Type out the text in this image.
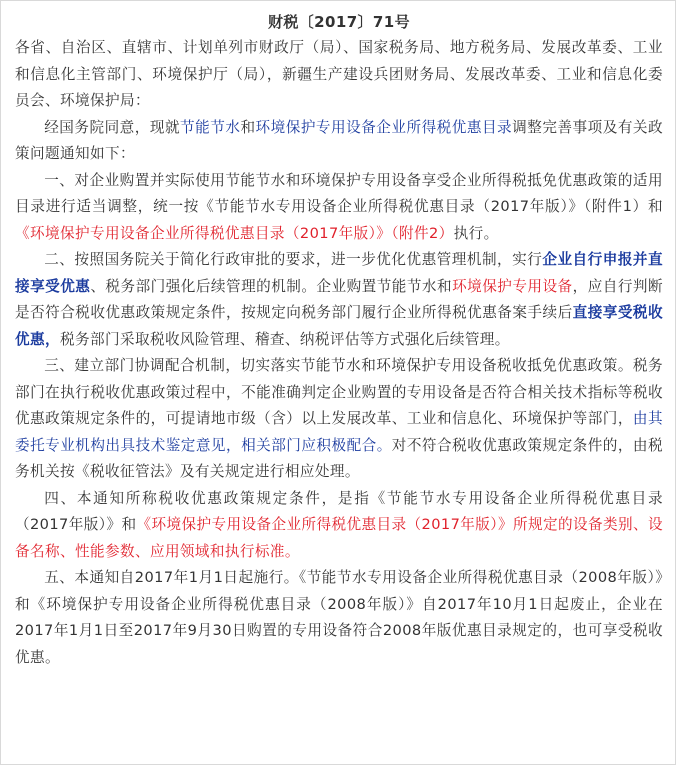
财税〔2017〕71号

各省、自治区、直辖市、计划单列市财政厅（局）、国家税务局、地方税务局、发展改革委、工业和信息化主管部门、环境保护厅（局），新疆生产建设兵团财务局、发展改革委、工业和信息化委员会、环境保护局：

经国务院同意，现就节能节水和环境保护专用设备企业所得税优惠目录调整完善事项及有关政策问题通知如下：

一、对企业购置并实际使用节能节水和环境保护专用设备享受企业所得税抵免优惠政策的适用目录进行适当调整，统一按《节能节水专用设备企业所得税优惠目录（2017年版）》（附件1）和《环境保护专用设备企业所得税优惠目录（2017年版）》（附件2）执行。

二、按照国务院关于简化行政审批的要求，进一步优化优惠管理机制，实行企业自行申报并直接享受优惠、税务部门强化后续管理的机制。企业购置节能节水和环境保护专用设备，应自行判断是否符合税收优惠政策规定条件，按规定向税务部门履行企业所得税优惠备案手续后直接享受税收优惠，税务部门采取税收风险管理、稽查、纳税评估等方式强化后续管理。

三、建立部门协调配合机制，切实落实节能节水和环境保护专用设备税收抵免优惠政策。税务部门在执行税收优惠政策过程中，不能准确判定企业购置的专用设备是否符合相关技术指标等税收优惠政策规定条件的，可提请地市级（含）以上发展改革、工业和信息化、环境保护等部门，由其委托专业机构出具技术鉴定意见，相关部门应积极配合。对不符合税收优惠政策规定条件的，由税务机关按《税收征管法》及有关规定进行相应处理。

四、本通知所称税收优惠政策规定条件，是指《节能节水专用设备企业所得税优惠目录（2017年版）》和《环境保护专用设备企业所得税优惠目录（2017年版）》所规定的设备类别、设备名称、性能参数、应用领域和执行标准。

五、本通知自2017年1月1日起施行。《节能节水专用设备企业所得税优惠目录（2008年版）》和《环境保护专用设备企业所得税优惠目录（2008年版）》自2017年10月1日起废止，企业在2017年1月1日至2017年9月30日购置的专用设备符合2008年版优惠目录规定的，也可享受税收优惠。
